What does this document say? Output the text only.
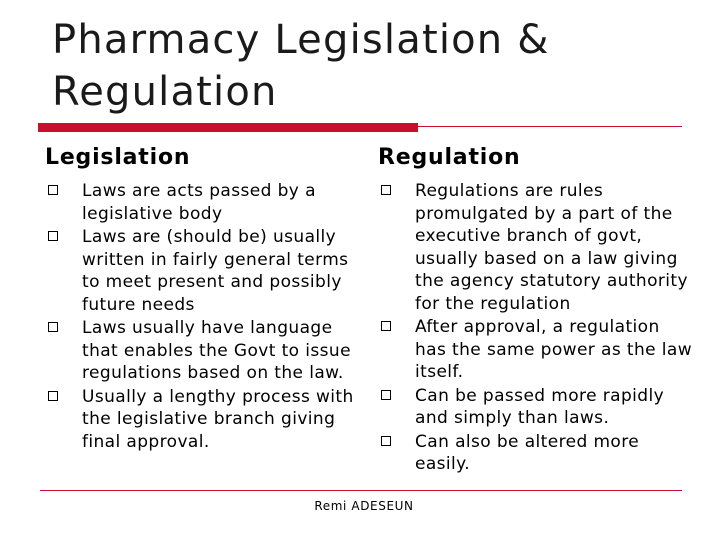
Pharmacy Legislation & Regulation
Legislation
Laws are acts passed by a legislative body
Laws are (should be) usually written in fairly general terms to meet present and possibly future needs
Laws usually have language that enables the Govt to issue regulations based on the law.
Usually a lengthy process with the legislative branch giving final approval.
Regulation
Regulations are rules promulgated by a part of the executive branch of govt, usually based on a law giving the agency statutory authority for the regulation
After approval, a regulation has the same power as the law itself.
Can be passed more rapidly and simply than laws.
Can also be altered more easily.
Remi ADESEUN
